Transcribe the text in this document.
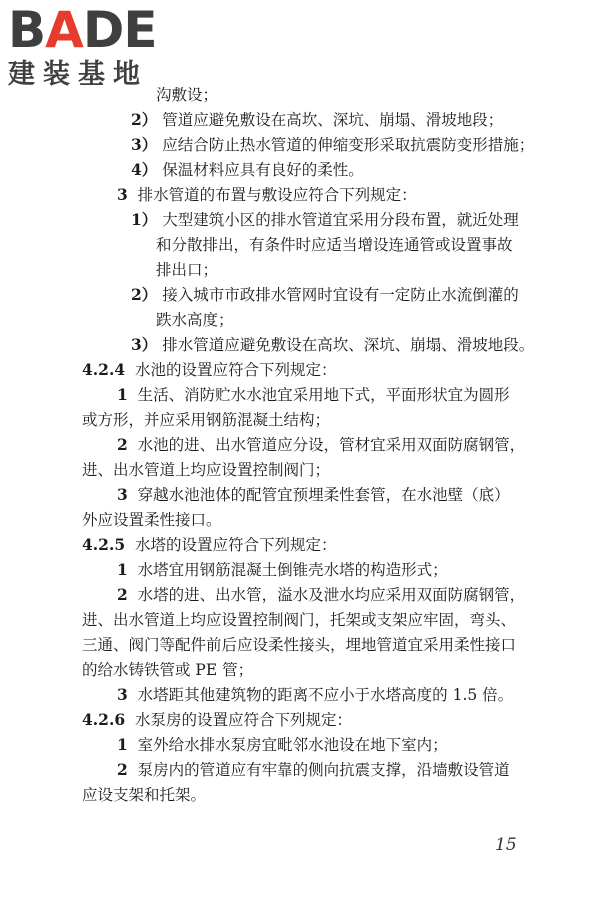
BADE
建装基地
沟敷设；
2） 管道应避免敷设在高坎、深坑、崩塌、滑坡地段；
3） 应结合防止热水管道的伸缩变形采取抗震防变形措施；
4） 保温材料应具有良好的柔性。
3 排水管道的布置与敷设应符合下列规定：
1） 大型建筑小区的排水管道宜采用分段布置，就近处理
和分散排出，有条件时应适当增设连通管或设置事故
排出口；
2） 接入城市市政排水管网时宜设有一定防止水流倒灌的
跌水高度；
3） 排水管道应避免敷设在高坎、深坑、崩塌、滑坡地段。
4.2.4 水池的设置应符合下列规定：
1 生活、消防贮水水池宜采用地下式，平面形状宜为圆形
或方形，并应采用钢筋混凝土结构；
2 水池的进、出水管道应分设，管材宜采用双面防腐钢管，
进、出水管道上均应设置控制阀门；
3 穿越水池池体的配管宜预埋柔性套管，在水池壁（底）
外应设置柔性接口。
4.2.5 水塔的设置应符合下列规定：
1 水塔宜用钢筋混凝土倒锥壳水塔的构造形式；
2 水塔的进、出水管，溢水及泄水均应采用双面防腐钢管，
进、出水管道上均应设置控制阀门，托架或支架应牢固，弯头、
三通、阀门等配件前后应设柔性接头，埋地管道宜采用柔性接口
的给水铸铁管或 PE 管；
3 水塔距其他建筑物的距离不应小于水塔高度的 1.5 倍。
4.2.6 水泵房的设置应符合下列规定：
1 室外给水排水泵房宜毗邻水池设在地下室内；
2 泵房内的管道应有牢靠的侧向抗震支撑，沿墙敷设管道
应设支架和托架。
15
